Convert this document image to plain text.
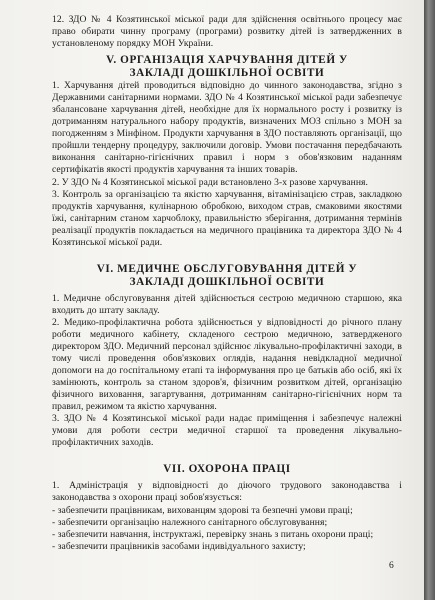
12. ЗДО № 4 Козятинської міської ради для здійснення освітнього процесу має право обирати чинну програму (програми) розвитку дітей із затвердженних в установленому порядку МОН України.

V. ОРГАНІЗАЦІЯ ХАРЧУВАННЯ ДІТЕЙ У

ЗАКЛАДІ ДОШКІЛЬНОЇ ОСВІТИ

1. Харчування дітей проводиться відповідно до чинного законодавства, згідно з Державними санітарними нормами. ЗДО № 4 Козятинської міської ради забезпечує збалансоване харчування дітей, необхідне для їх нормального росту і розвитку із дотриманням натурального набору продуктів, визначених МОЗ спільно з МОН за погодженням з Мінфіном. Продукти харчування в ЗДО поставляють організації, що пройшли тендерну процедуру, заключили договір. Умови постачання передбачають виконання санітарно-гігієнічних правил і норм з обов'язковим наданням сертифікатів якості продуктів харчування та інших товарів.

2. У ЗДО № 4 Козятинської міської ради встановлено 3-х разове харчування.

3. Контроль за організацією та якістю харчування, вітамінізацією страв, закладкою продуктів харчування, кулінарною обробкою, виходом страв, смаковими якостями їжі, санітарним станом харчоблоку, правильністю зберігання, дотримання термінів реалізації продуктів покладається на медичного працівника та директора ЗДО № 4 Козятинської міської ради.

VI. МЕДИЧНЕ ОБСЛУГОВУВАННЯ ДІТЕЙ У

ЗАКЛАДІ ДОШКІЛЬНОЇ ОСВІТИ

1. Медичне обслуговування дітей здійснюється сестрою медичною старшою, яка входить до штату закладу.

2. Медико-профілактична робота здійснюється у відповідності до річного плану роботи медичного кабінету, складеного сестрою медичною, затвердженого директором ЗДО. Медичний персонал здійснює лікувально-профілактичні заходи, в тому числі проведення обов'язкових оглядів, надання невідкладної медичної допомоги на до госпітальному етапі та інформування про це батьків або осіб, які їх замінюють, контроль за станом здоров'я, фізичним розвитком дітей, організацію фізичного виховання, загартування, дотриманням санітарно-гігієнічних норм та правил, режимом та якістю харчування.

3. ЗДО № 4 Козятинської міської ради надає приміщення і забезпечує належні умови для роботи сестри медичної старшої та проведення лікувально-профілактичних заходів.

VII. ОХОРОНА ПРАЦІ

1. Адміністрація у відповідності до діючого трудового законодавства і законодавства з охорони праці зобов'язується:

- забезпечити працівникам, вихованцям здорові та безпечні умови праці;

- забезпечити організацію належного санітарного обслуговування;

- забезпечити навчання, інструктажі, перевірку знань з питань охорони праці;

- забезпечити працівників засобами індивідуального захисту;

6
